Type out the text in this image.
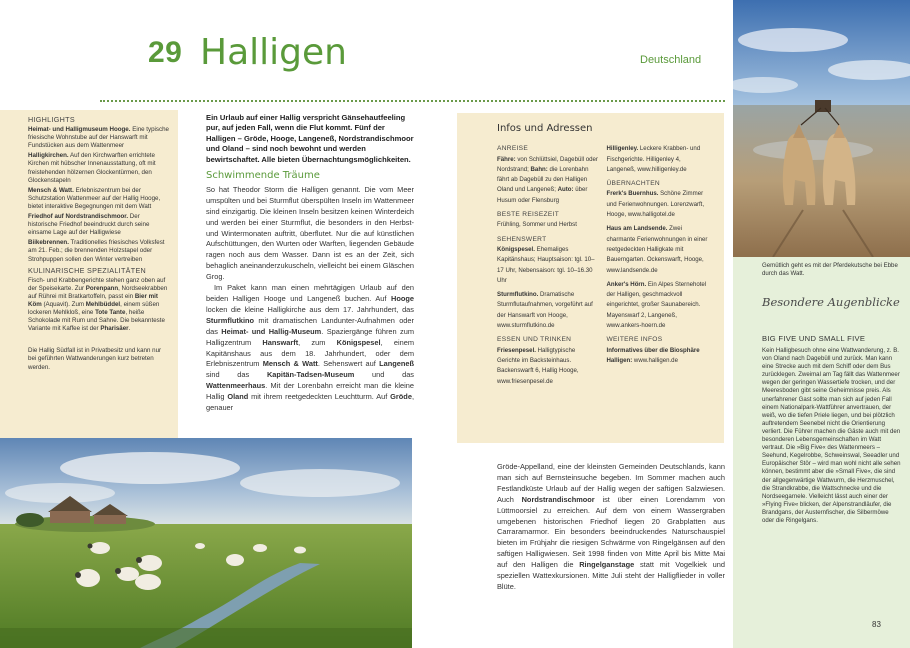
29 Halligen	Deutschland
HIGHLIGHTS

Heimat- und Halligmuseum Hooge. Eine typische friesische Wohnstube auf der Hanswarft mit Fundstücken aus dem Wattenmeer

Halligkirchen. Auf den Kirchwarften errichtete Kirchen mit hübscher Innenausstattung, oft mit freistehenden hölzernen Glockentürmen, den Glockenstapeln

Mensch & Watt. Erlebniszentrum bei der Schutzstation Wattenmeer auf der Hallig Hooge, bietet interaktive Begegnungen mit dem Watt

Friedhof auf Nordstrandischmoor. Der historische Friedhof beeindruckt durch seine einsame Lage auf der Halligwiese

Biikebrennen. Traditionelles friesisches Volksfest am 21. Feb.; die brennenden Holzstapel oder Strohpuppen sollen den Winter vertreiben

KULINARISCHE SPEZIALITÄTEN

Fisch- und Krabbengerichte stehen ganz oben auf der Speisekarte. Zur Porenpann, Nordseekrabben auf Rührei mit Bratkartoffeln, passt ein Bier mit Köm (Aquavit). Zum Mehlbüddel, einem süßen lockeren Mehlkloß, eine Tote Tante, heiße Schokolade mit Rum und Sahne. Die bekannteste Variante mit Kaffee ist der Pharisäer.

Die Hallig Südfall ist in Privatbesitz und kann nur bei geführten Wattwanderungen kurz betreten werden.

Ein Urlaub auf einer Hallig verspricht Gänsehautfeeling pur, auf jeden Fall, wenn die Flut kommt. Fünf der Halligen – Gröde, Hooge, Langeneß, Nordstrandischmoor und Oland – sind noch bewohnt und werden bewirtschaftet. Alle bieten Übernachtungsmöglichkeiten.

Schwimmende Träume

So hat Theodor Storm die Halligen genannt. Die vom Meer umspülten und bei Sturmflut überspülten Inseln im Wattenmeer sind einzigartig. Die kleinen Inseln besitzen keinen Winterdeich und werden bei einer Sturmflut, die besonders in den Herbst- und Wintermonaten auftritt, überflutet. Nur die auf künstlichen Aufschüttungen, den Wurten oder Warften, liegenden Gebäude ragen noch aus dem Wasser. Dann ist es an der Zeit, sich behaglich aneinanderzukuscheln, vielleicht bei einem Gläschen Grog.

Im Paket kann man einen mehrtägigen Urlaub auf den beiden Halligen Hooge und Langeneß buchen. Auf Hooge locken die kleine Halligkirche aus dem 17. Jahrhundert, das Sturmflutkino mit dramatischen Landunter-Aufnahmen oder das Heimat- und Hallig-Museum. Spaziergänge führen zum Halligzentrum Hanswarft, zum Königspesel, einem Kapitänshaus aus dem 18. Jahrhundert, oder dem Erlebniszentrum Mensch & Watt. Sehenswert auf Langeneß sind das Kapitän-Tadsen-Museum und das Wattenmeerhaus. Mit der Lorenbahn erreicht man die kleine Hallig Oland mit ihrem reetgedeckten Leuchtturm. Auf Gröde, genauer

Infos und Adressen
ANREISE

Fähre: von Schlüttsiel, Dagebüll oder Nordstrand; Bahn: die Lorenbahn fährt ab Dagebüll zu den Halligen Oland und Langeneß; Auto: über Husum oder Flensburg

BESTE REISEZEIT

Frühling, Sommer und Herbst

SEHENSWERT

Königspesel. Ehemaliges Kapitänshaus; Hauptsaison: tgl. 10–17 Uhr, Nebensaison: tgl. 10–16.30 Uhr

Sturmflutkino. Dramatische Sturmflutaufnahmen, vorgeführt auf der Hanswarft von Hooge, www.sturmflutkino.de

ESSEN UND TRINKEN

Friesenpesel. Halligtypische Gerichte im Backsteinhaus. Backenswarft 6, Hallig Hooge, www.friesenpesel.de

Hilligenley. Leckere Krabben- und Fischgerichte. Hilligenley 4, Langeneß, www.hilligenley.de

ÜBERNACHTEN

Frerk's Buernhus. Schöne Zimmer und Ferienwohnungen. Lorenzwarft, Hooge, www.halligotel.de

Haus am Landsende. Zwei charmante Ferienwohnungen in einer reetgedeckten Halligkate mit Bauerngarten. Ockenswarft, Hooge, www.landsende.de

Anker's Hörn. Ein Alpes Sternehotel der Halligen, geschmackvoll eingerichtet, großer Saunabereich. Mayenswarf 2, Langeneß, www.ankers-hoern.de

WEITERE INFOS

Informatives über die Biosphäre Halligen: www.halligen.de

Gröde-Appelland, eine der kleinsten Gemeinden Deutschlands, kann man sich auf Bernsteinsuche begeben. Im Sommer machen auch Festlandküste Urlaub auf der Hallig wegen der saftigen Salzwiesen. Auch Nordstrandischmoor ist über einen Lorendamm von Lüttmoorsiel zu erreichen. Auf dem von einem Wassergraben umgebenen historischen Friedhof liegen 20 Grabplatten aus Carraramarmor. Ein besonders beeindruckendes Naturschauspiel bieten im Frühjahr die riesigen Schwärme von Ringelgänsen auf den saftigen Halligwiesen. Seit 1998 finden von Mitte April bis Mitte Mai auf den Halligen die Ringelganstage statt mit Vogelkiek und speziellen Wattexkursionen. Mitte Juli steht der Halligflieder in voller Blüte.
Gemütlich geht es mit der Pferdekutsche bei Ebbe durch das Watt.
Besondere Augenblicke
BIG FIVE UND SMALL FIVE
Kein Halligbesuch ohne eine Wattwanderung, z. B. von Oland nach Dagebüll und zurück. Man kann eine Strecke auch mit dem Schiff oder dem Bus zurücklegen. Zweimal am Tag fällt das Wattenmeer wegen der geringen Wassertiefe trocken, und der Meeresboden gibt seine Geheimnisse preis. Als unerfahrener Gast sollte man sich auf jeden Fall einem Nationalpark-Wattführer anvertrauen, der weiß, wo die tiefen Priele liegen, und bei plötzlich auftretendem Seenebel nicht die Orientierung verliert. Die Führer machen die Gäste auch mit den besonderen Lebensgemeinschaften im Watt vertraut. Die »Big Five« des Wattenmeers – Seehund, Kegelrobbe, Schweinswal, Seeadler und Europäischer Stör – wird man wohl nicht alle sehen können, bestimmt aber die »Small Five«, die sind der allgegenwärtige Wattwurm, die Herzmuschel, die Strandkrabbe, die Wattschnecke und die Nordseegarnele. Vielleicht lässt auch einer der »Flying Five« blicken, der Alpenstrandläufer, die Brandgans, der Austernfischer, die Silbermöwe oder die Ringelgans.
83
